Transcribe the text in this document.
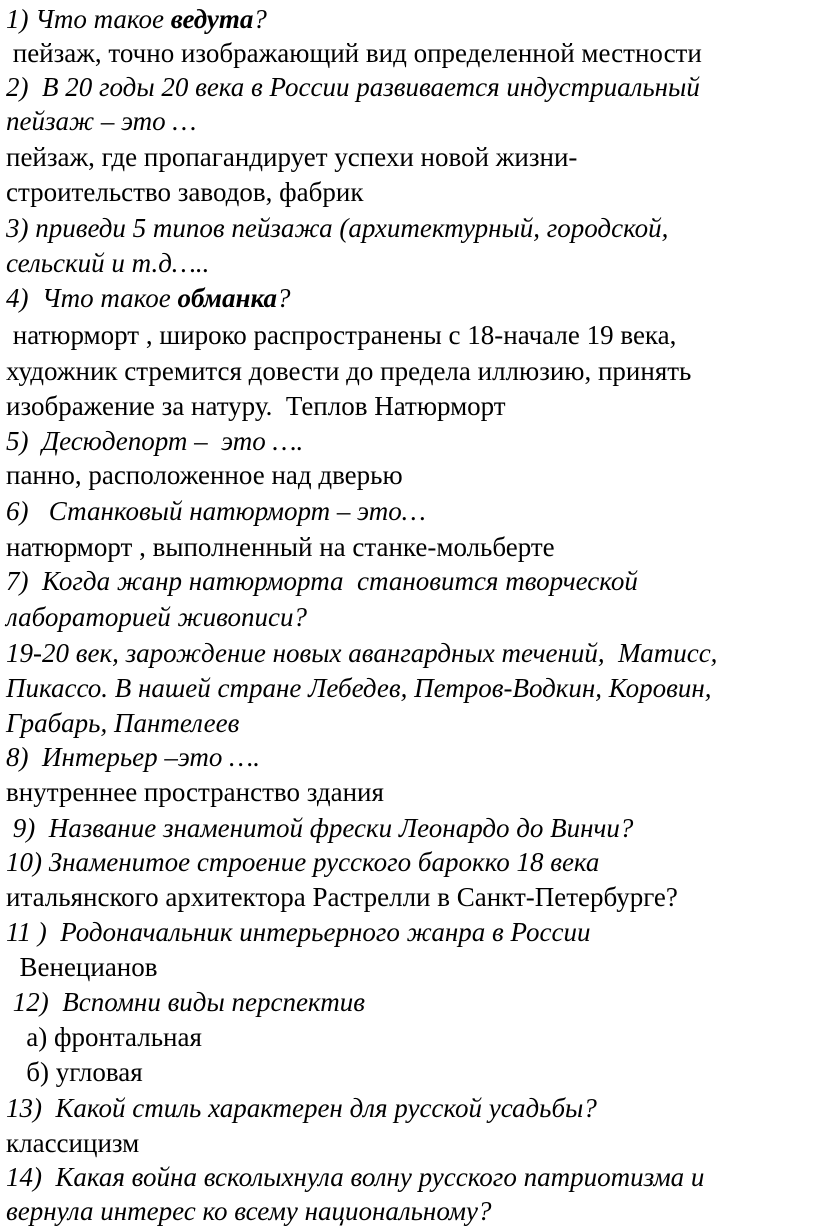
1) Что такое ведута?
пейзаж, точно изображающий вид определенной местности
2)  В 20 годы 20 века в России развивается индустриальный
пейзаж – это …
пейзаж, где пропагандирует успехи новой жизни-
строительство заводов, фабрик
3) приведи 5 типов пейзажа (архитектурный, городской,
сельский и т.д…..
4)  Что такое обманка?
натюрморт , широко распространены с 18-начале 19 века,
художник стремится довести до предела иллюзию, принять
изображение за натуру.  Теплов Натюрморт
5)  Десюдепорт –  это ….
панно, расположенное над дверью
6)   Станковый натюрморт – это…
натюрморт , выполненный на станке-мольберте
7)  Когда жанр натюрморта  становится творческой
лабораторией живописи?
19-20 век, зарождение новых авангардных течений,  Матисс,
Пикассо. В нашей стране Лебедев, Петров-Водкин, Коровин,
Грабарь, Пантелеев
8)  Интерьер –это ….
внутреннее пространство здания
9)  Название знаменитой фрески Леонардо до Винчи?
10) Знаменитое строение русского барокко 18 века
итальянского архитектора Растрелли в Санкт-Петербурге?
11 )  Родоначальник интерьерного жанра в России
Венецианов
12)  Вспомни виды перспектив
а) фронтальная
б) угловая
13)  Какой стиль характерен для русской усадьбы?
классицизм
14)  Какая война всколыхнула волну русского патриотизма и
вернула интерес ко всему национальному?
